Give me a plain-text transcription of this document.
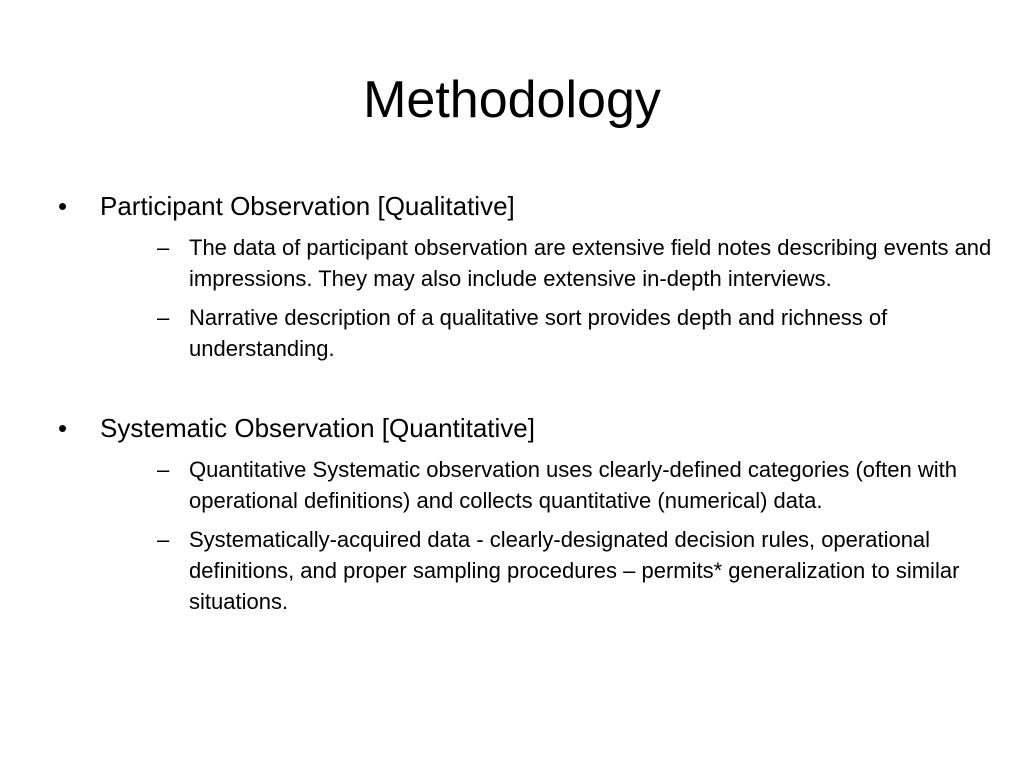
Methodology
• Participant Observation [Qualitative]
– The data of participant observation are extensive field notes describing events and impressions. They may also include extensive in-depth interviews.
– Narrative description of a qualitative sort provides depth and richness of understanding.
• Systematic Observation [Quantitative]
– Quantitative Systematic observation uses clearly-defined categories (often with operational definitions) and collects quantitative (numerical) data.
– Systematically-acquired data - clearly-designated decision rules, operational definitions, and proper sampling procedures – permits* generalization to similar situations.
